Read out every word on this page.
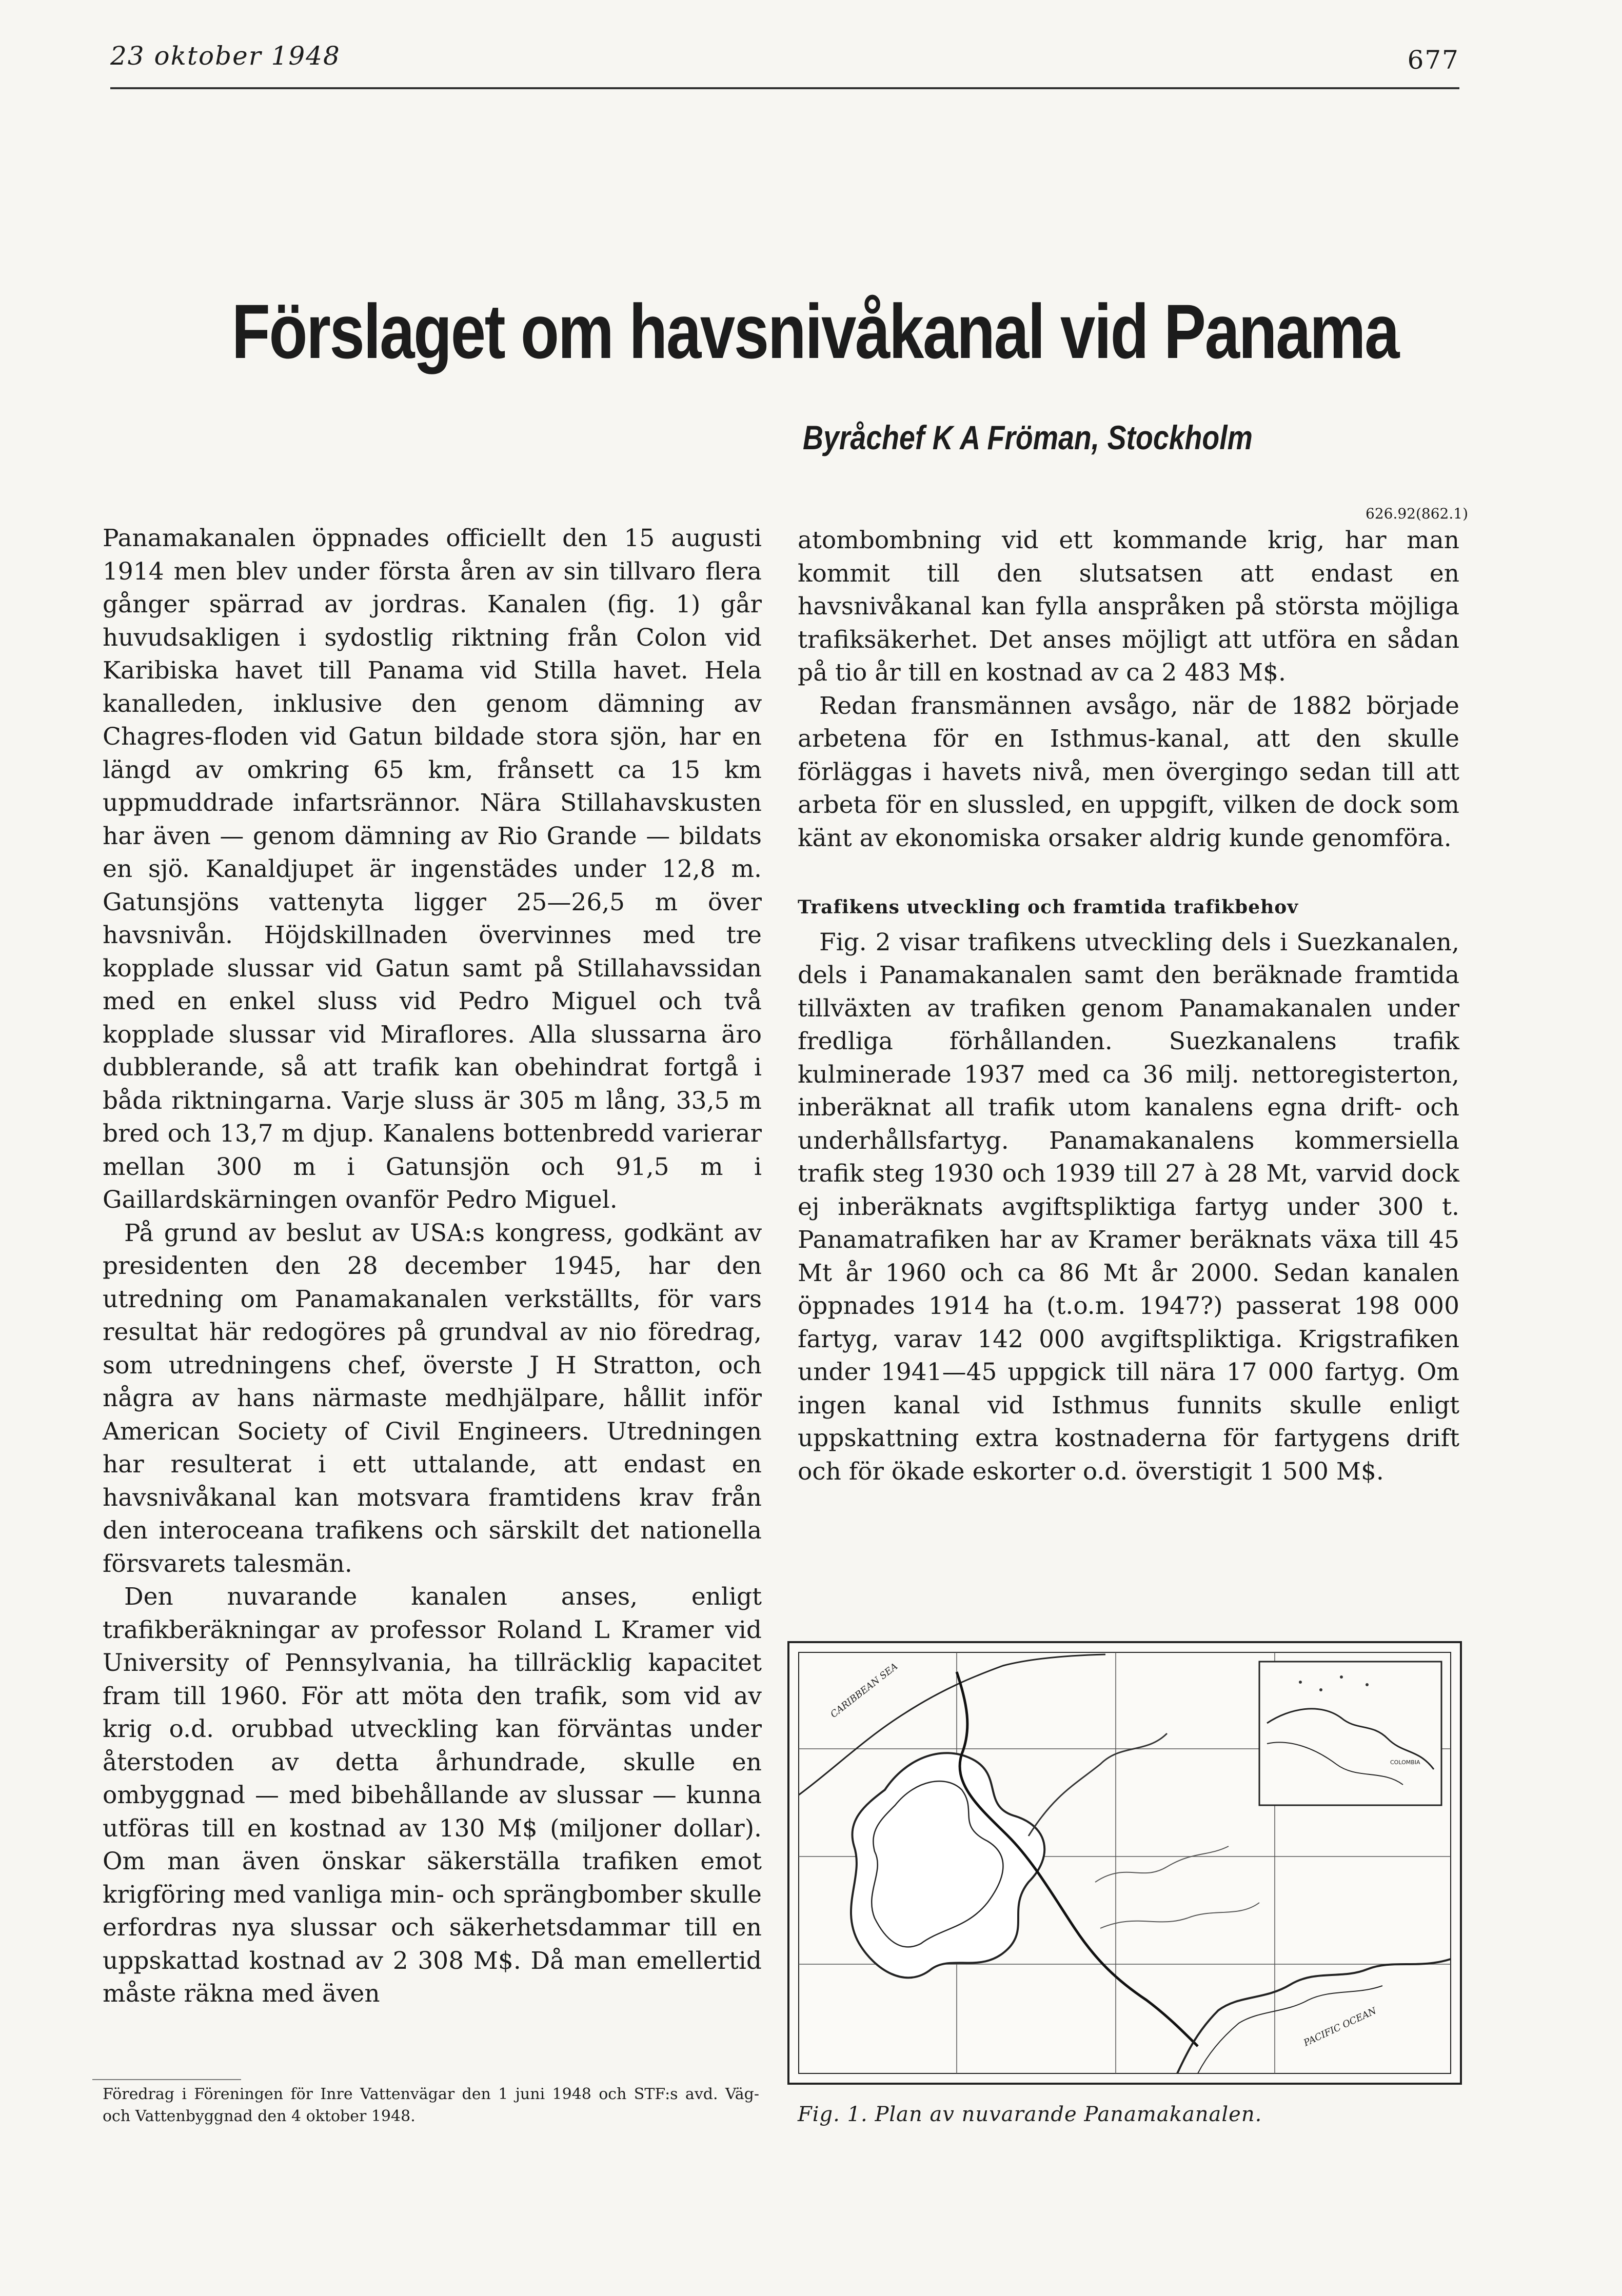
23 oktober 1948	677
Förslaget om havsnivåkanal vid Panama
Byråchef K A Fröman, Stockholm
626.92(862.1)

Panamakanalen öppnades officiellt den 15 augusti 1914 men blev under första åren av sin tillvaro flera gånger spärrad av jordras. Kanalen (fig. 1) går huvudsakligen i sydostlig riktning från Colon vid Karibiska havet till Panama vid Stilla havet. Hela kanalleden, inklusive den genom dämning av Chagres-floden vid Gatun bildade stora sjön, har en längd av omkring 65 km, frånsett ca 15 km uppmuddrade infartsrännor. Nära Stillahavskusten har även — genom dämning av Rio Grande — bildats en sjö. Kanaldjupet är ingenstädes under 12,8 m. Gatunsjöns vattenyta ligger 25—26,5 m över havsnivån. Höjdskillnaden övervinnes med tre kopplade slussar vid Gatun samt på Stillahavssidan med en enkel sluss vid Pedro Miguel och två kopplade slussar vid Miraflores. Alla slussarna äro dubblerande, så att trafik kan obehindrat fortgå i båda riktningarna. Varje sluss är 305 m lång, 33,5 m bred och 13,7 m djup. Kanalens bottenbredd varierar mellan 300 m i Gatunsjön och 91,5 m i Gaillardskärningen ovanför Pedro Miguel.

På grund av beslut av USA:s kongress, godkänt av presidenten den 28 december 1945, har den utredning om Panamakanalen verkställts, för vars resultat här redogöres på grundval av nio föredrag, som utredningens chef, överste J H Stratton, och några av hans närmaste medhjälpare, hållit inför American Society of Civil Engineers. Utredningen har resulterat i ett uttalande, att endast en havsnivåkanal kan motsvara framtidens krav från den interoceana trafikens och särskilt det nationella försvarets talesmän.

Den nuvarande kanalen anses, enligt trafikberäkningar av professor Roland L Kramer vid University of Pennsylvania, ha tillräcklig kapacitet fram till 1960. För att möta den trafik, som vid av krig o.d. orubbad utveckling kan förväntas under återstoden av detta århundrade, skulle en ombyggnad — med bibehållande av slussar — kunna utföras till en kostnad av 130 M$ (miljoner dollar). Om man även önskar säkerställa trafiken emot krigföring med vanliga min- och sprängbomber skulle erfordras nya slussar och säkerhetsdammar till en uppskattad kostnad av 2 308 M$. Då man emellertid måste räkna med även

atombombning vid ett kommande krig, har man kommit till den slutsatsen att endast en havsnivåkanal kan fylla anspråken på största möjliga trafiksäkerhet. Det anses möjligt att utföra en sådan på tio år till en kostnad av ca 2 483 M$.

Redan fransmännen avsågo, när de 1882 började arbetena för en Isthmus-kanal, att den skulle förläggas i havets nivå, men övergingo sedan till att arbeta för en slussled, en uppgift, vilken de dock som känt av ekonomiska orsaker aldrig kunde genomföra.

Trafikens utveckling och framtida trafikbehov

Fig. 2 visar trafikens utveckling dels i Suezkanalen, dels i Panamakanalen samt den beräknade framtida tillväxten av trafiken genom Panamakanalen under fredliga förhållanden. Suezkanalens trafik kulminerade 1937 med ca 36 milj. nettoregisterton, inberäknat all trafik utom kanalens egna drift- och underhållsfartyg. Panamakanalens kommersiella trafik steg 1930 och 1939 till 27 à 28 Mt, varvid dock ej inberäknats avgiftspliktiga fartyg under 300 t. Panamatrafiken har av Kramer beräknats växa till 45 Mt år 1960 och ca 86 Mt år 2000. Sedan kanalen öppnades 1914 ha (t.o.m. 1947?) passerat 198 000 fartyg, varav 142 000 avgiftspliktiga. Krigstrafiken under 1941—45 uppgick till nära 17 000 fartyg. Om ingen kanal vid Isthmus funnits skulle enligt uppskattning extra kostnaderna för fartygens drift och för ökade eskorter o.d. överstigit 1 500 M$.

CARIBBEAN SEA
PACIFIC OCEAN
COLOMBIA
Föredrag i Föreningen för Inre Vattenvägar den 1 juni 1948 och STF:s avd. Väg- och Vattenbyggnad den 4 oktober 1948.	Fig. 1. Plan av nuvarande Panamakanalen.
